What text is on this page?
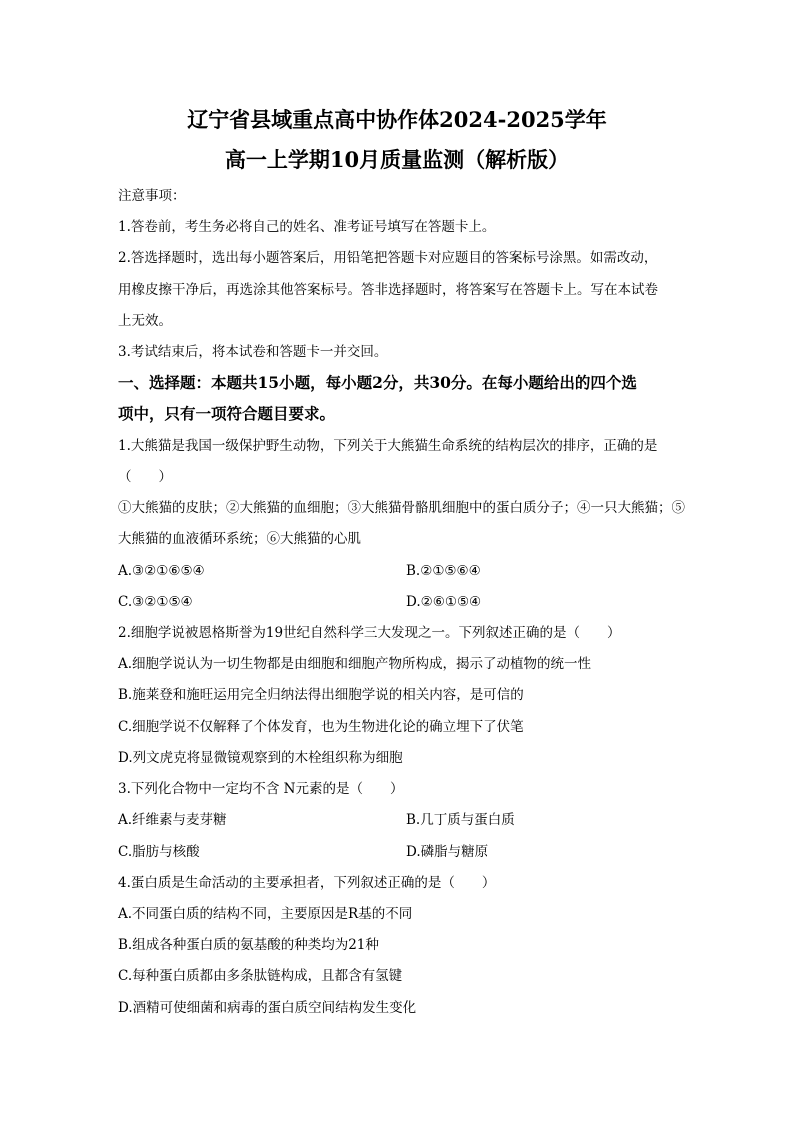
辽宁省县域重点高中协作体2024-2025学年
高一上学期10月质量监测（解析版）
注意事项：
1.答卷前，考生务必将自己的姓名、准考证号填写在答题卡上。
2.答选择题时，选出每小题答案后，用铅笔把答题卡对应题目的答案标号涂黑。如需改动，
用橡皮擦干净后，再选涂其他答案标号。答非选择题时，将答案写在答题卡上。写在本试卷
上无效。
3.考试结束后，将本试卷和答题卡一并交回。
一、选择题：本题共15小题，每小题2分，共30分。在每小题给出的四个选
项中，只有一项符合题目要求。
1.大熊猫是我国一级保护野生动物，下列关于大熊猫生命系统的结构层次的排序，正确的是
（　　）
①大熊猫的皮肤；②大熊猫的血细胞；③大熊猫骨骼肌细胞中的蛋白质分子；④一只大熊猫；⑤
大熊猫的血液循环系统；⑥大熊猫的心肌
A.③②①⑥⑤④	B.②①⑤⑥④
C.③②①⑤④	D.②⑥①⑤④
2.细胞学说被恩格斯誉为19世纪自然科学三大发现之一。下列叙述正确的是（　　）
A.细胞学说认为一切生物都是由细胞和细胞产物所构成，揭示了动植物的统一性
B.施莱登和施旺运用完全归纳法得出细胞学说的相关内容，是可信的
C.细胞学说不仅解释了个体发育，也为生物进化论的确立埋下了伏笔
D.列文虎克将显微镜观察到的木栓组织称为细胞
3.下列化合物中一定均不含 N元素的是（　　）
A.纤维素与麦芽糖	B.几丁质与蛋白质
C.脂肪与核酸	D.磷脂与糖原
4.蛋白质是生命活动的主要承担者，下列叙述正确的是（　　）
A.不同蛋白质的结构不同，主要原因是R基的不同
B.组成各种蛋白质的氨基酸的种类均为21种
C.每种蛋白质都由多条肽链构成，且都含有氢键
D.酒精可使细菌和病毒的蛋白质空间结构发生变化
